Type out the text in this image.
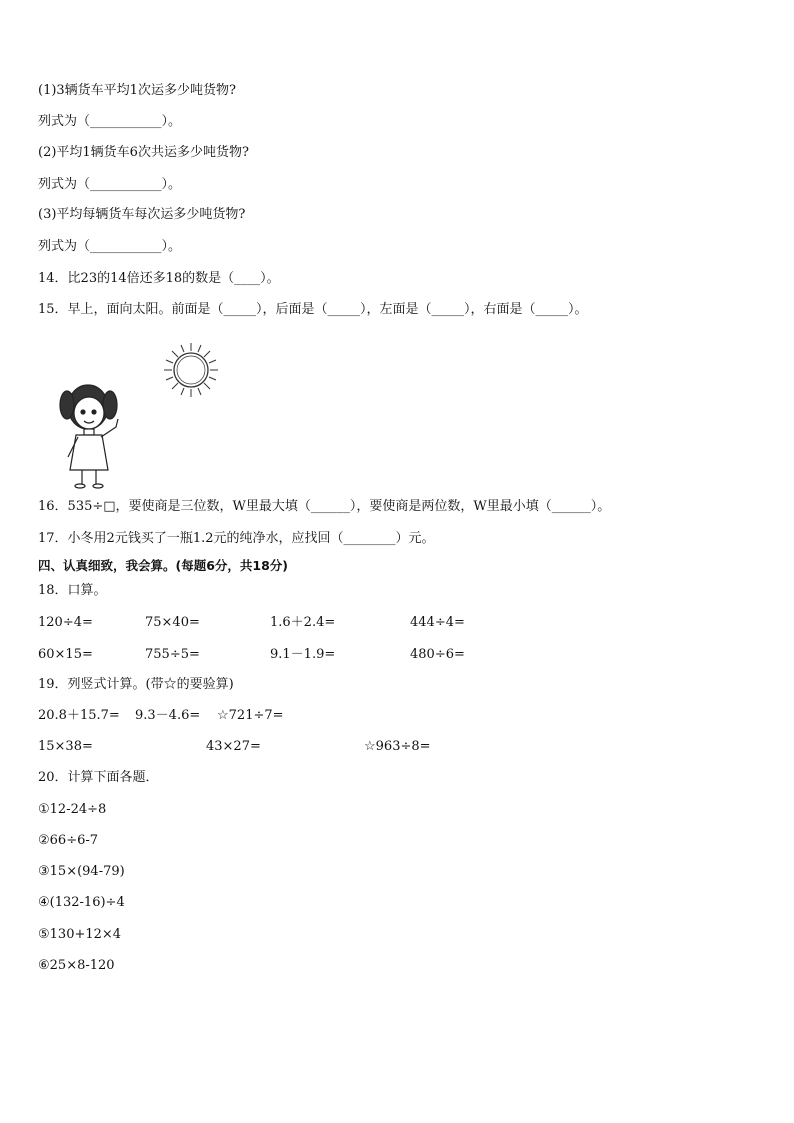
(1)3辆货车平均1次运多少吨货物?
列式为（___________）。
(2)平均1辆货车6次共运多少吨货物?
列式为（___________）。
(3)平均每辆货车每次运多少吨货物?
列式为（___________）。
14．比23的14倍还多18的数是（____）。
15．早上，面向太阳。前面是（_____），后面是（_____），左面是（_____），右面是（_____）。
16．535÷□，要使商是三位数，W里最大填（______），要使商是两位数，W里最小填（______）。
17．小冬用2元钱买了一瓶1.2元的纯净水，应找回（________）元。
四、认真细致，我会算。(每题6分，共18分)
18．口算。
120÷4=	75×40=	1.6＋2.4=	444÷4=
60×15=	755÷5=	9.1－1.9=	480÷6=
19．列竖式计算。(带☆的要验算)
20.8＋15.7= 9.3－4.6= ☆721÷7=
15×38=	43×27=	☆963÷8=
20．计算下面各题．
①12-24÷8
②66÷6-7
③15×(94-79)
④(132-16)÷4
⑤130+12×4
⑥25×8-120
